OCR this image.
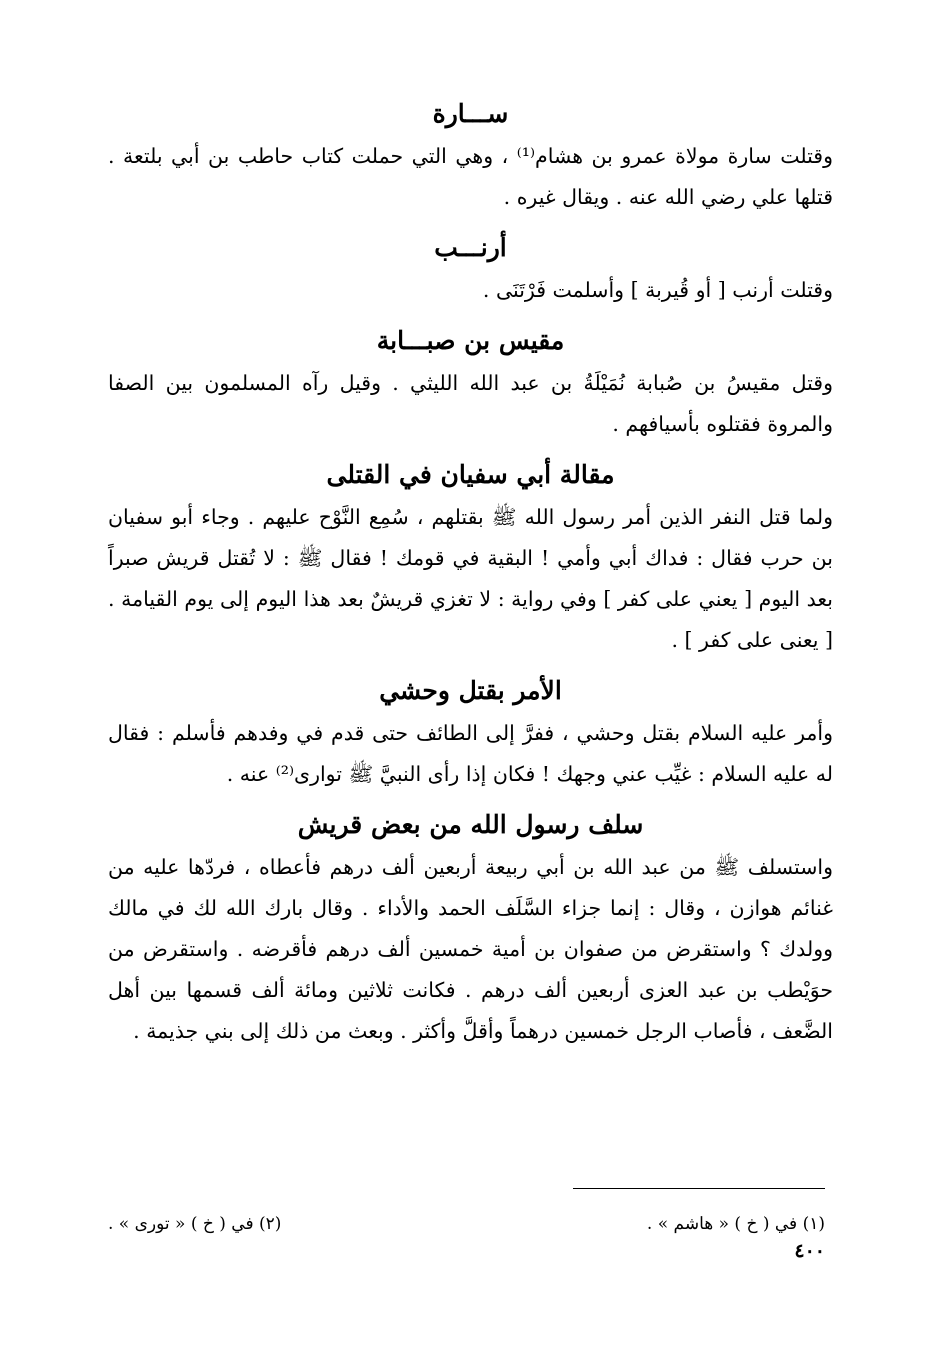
ســـارة

وقتلت سارة مولاة عمرو بن هشام⁽¹⁾ ، وهي التي حملت كتاب حاطب بن أبي بلتعة . قتلها علي رضي الله عنه . ويقال غيره .

أرنـــب

وقتلت أرنب [ أو قُيربة ] وأسلمت فَرْتَنَى .

مقيس بن صبـــابة

وقتل مقيسُ بن صُبابة نُمَيْلَةُ بن عبد الله الليثي . وقيل رآه المسلمون بين الصفا والمروة فقتلوه بأسيافهم .

مقالة أبي سفيان في القتلى

ولما قتل النفر الذين أمر رسول الله ﷺ بقتلهم ، سُمِع النَّوْح عليهم . وجاء أبو سفيان بن حرب فقال : فداك أبي وأمي ! البقية في قومك ! فقال ﷺ : لا تُقتل قريش صبراً بعد اليوم [ يعني على كفر ] وفي رواية : لا تغزي قريشٌ بعد هذا اليوم إلى يوم القيامة . [ يعنى على كفر ] .

الأمر بقتل وحشي

وأمر عليه السلام بقتل وحشي ، ففرَّ إلى الطائف حتى قدم في وفدهم فأسلم : فقال له عليه السلام : غيِّب عني وجهك ! فكان إذا رأى النبيَّ ﷺ توارى⁽²⁾ عنه .

سلف رسول الله من بعض قريش

واستسلف ﷺ من عبد الله بن أبي ربيعة أربعين ألف درهم فأعطاه ، فردّها عليه من غنائم هوازن ، وقال : إنما جزاء السَّلَف الحمد والأداء . وقال بارك الله لك في مالك وولدك ؟ واستقرض من صفوان بن أمية خمسين ألف درهم فأقرضه . واستقرض من حوَيْطب بن عبد العزى أربعين ألف درهم . فكانت ثلاثين ومائة ألف قسمها بين أهل الضَّعف ، فأصاب الرجل خمسين درهماً وأقلَّ وأكثر . وبعث من ذلك إلى بني جذيمة .

(١) في ( خ ) « هاشم » .
(٢) في ( خ ) « تورى » .
٤٠٠
